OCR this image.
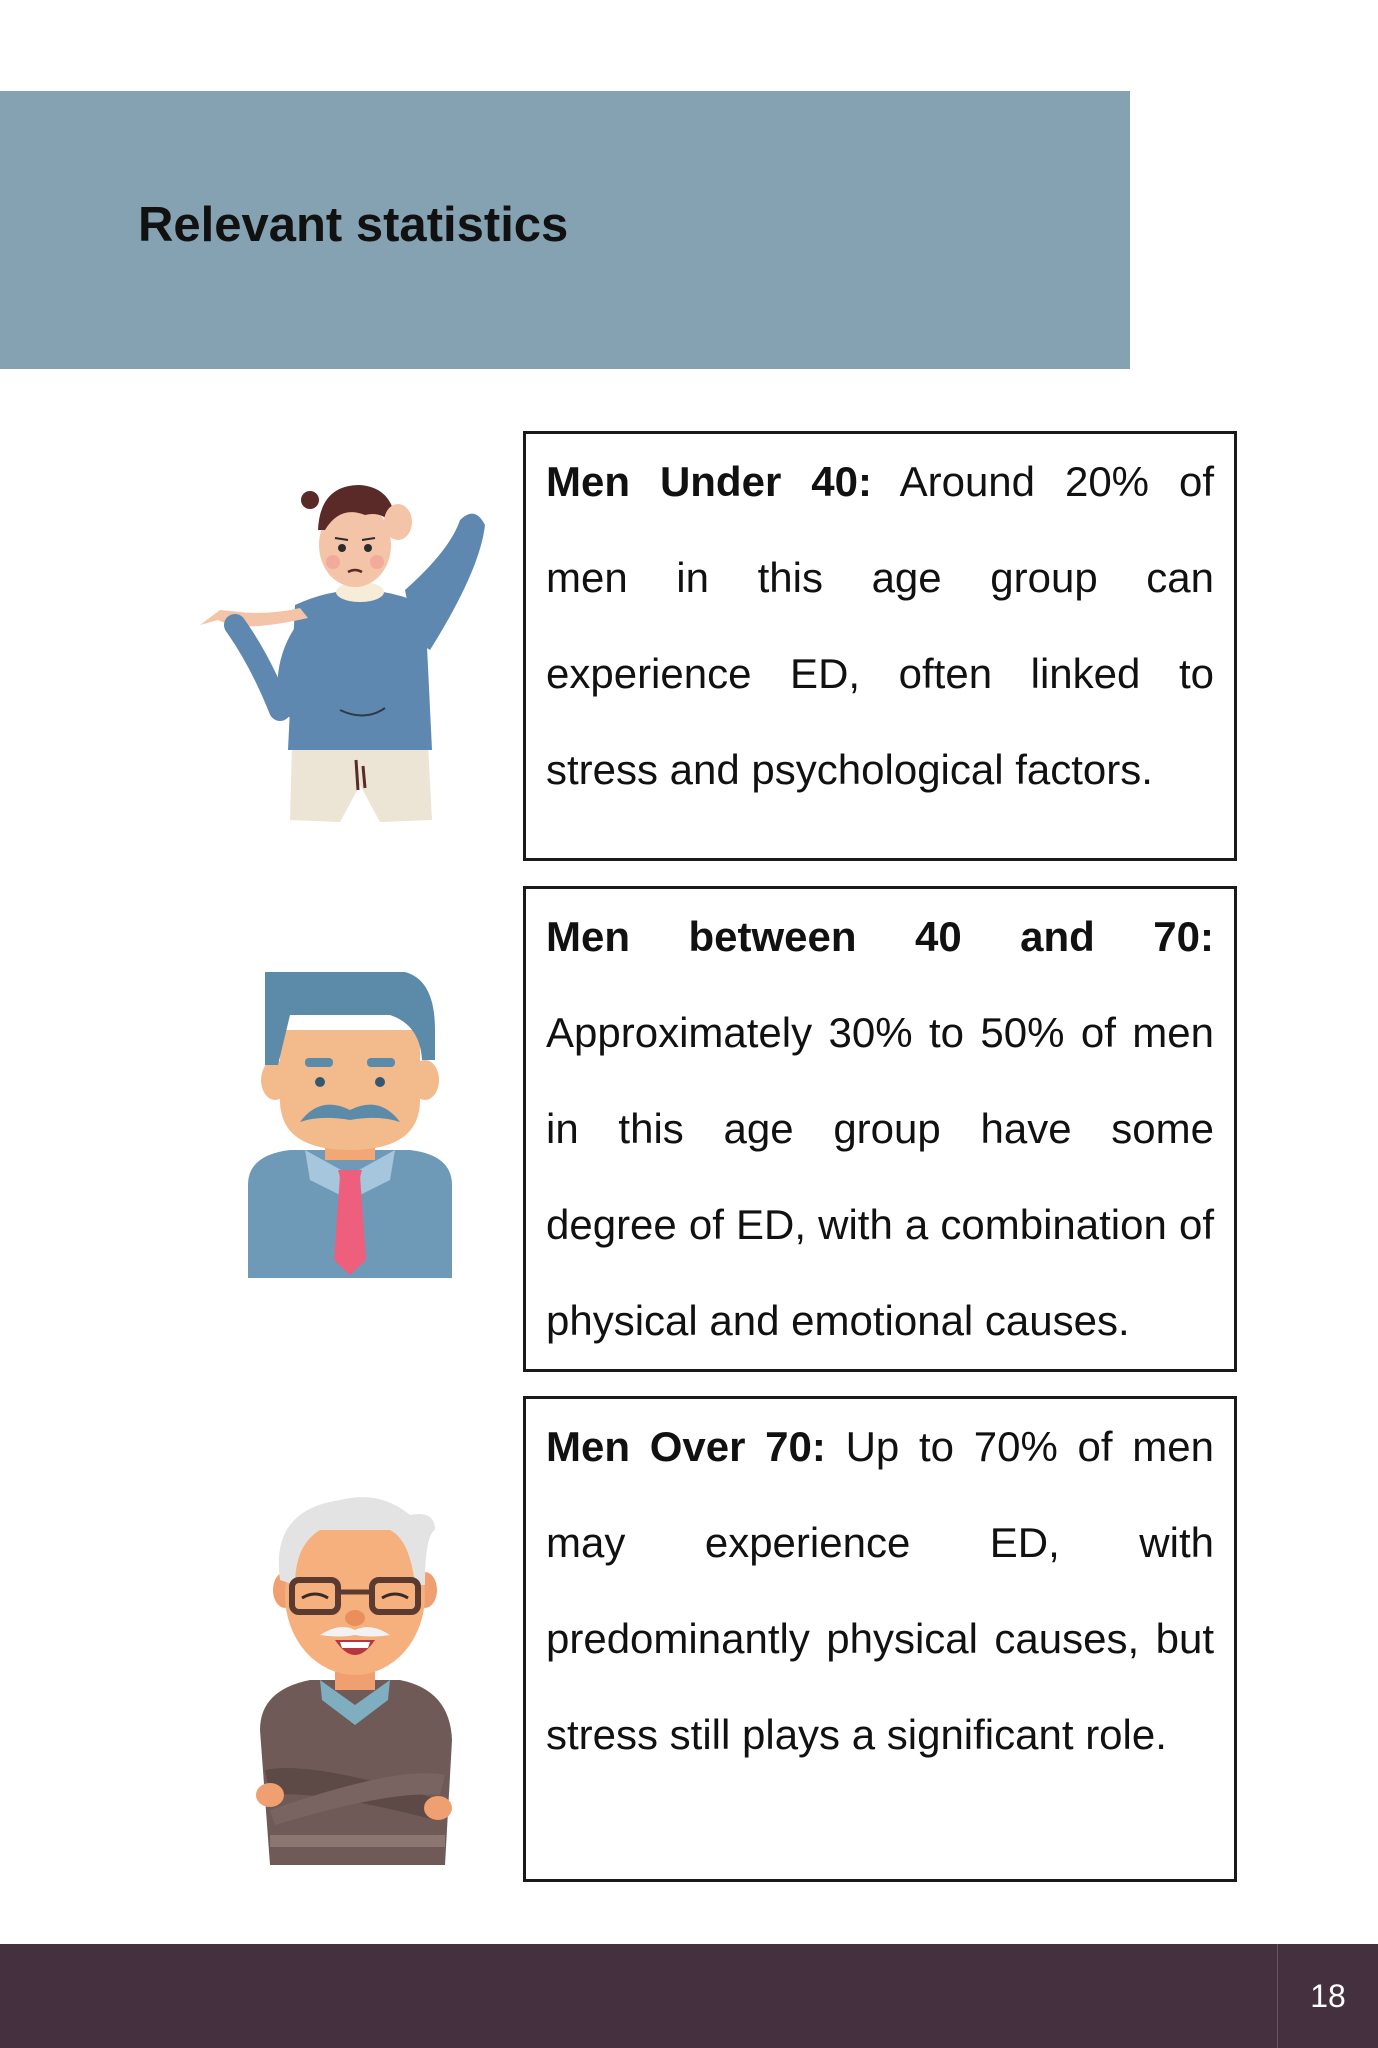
Relevant statistics

Men Under 40: Around 20% of men in this age group can experience ED, often linked to stress and psychological factors.

Men between 40 and 70: Approximately 30% to 50% of men in this age group have some degree of ED, with a combination of physical and emotional causes.

Men Over 70: Up to 70% of men may experience ED, with predominantly physical causes, but stress still plays a significant role.

18
